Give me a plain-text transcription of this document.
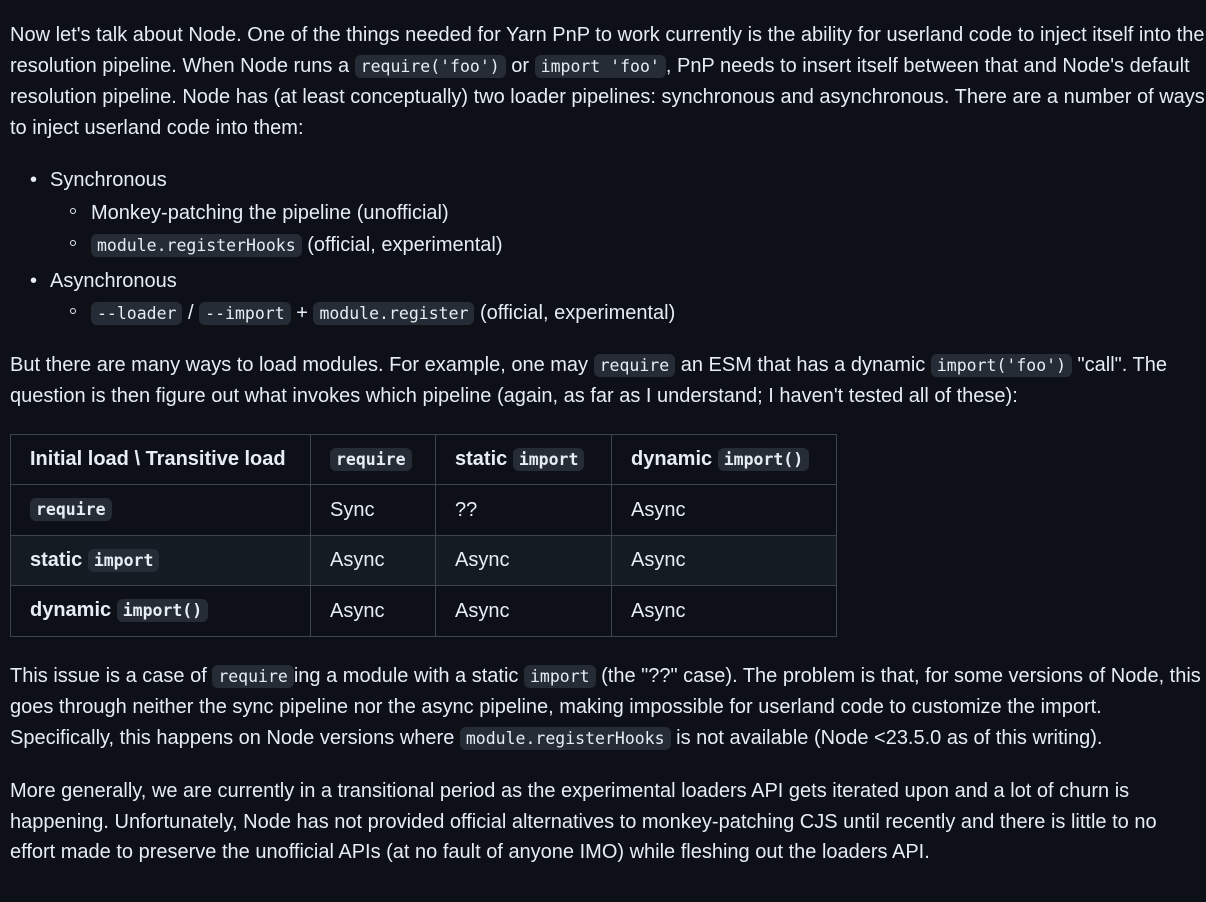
Now let's talk about Node. One of the things needed for Yarn PnP to work currently is the ability for userland code to inject itself into the resolution pipeline. When Node runs a require('foo') or import 'foo' , PnP needs to insert itself between that and Node's default resolution pipeline. Node has (at least conceptually) two loader pipelines: synchronous and asynchronous. There are a number of ways to inject userland code into them:

• Synchronous
Monkey-patching the pipeline (unofficial)
module.registerHooks (official, experimental)
• Asynchronous
--loader / --import + module.register (official, experimental)

But there are many ways to load modules. For example, one may require an ESM that has a dynamic import('foo') "call". The question is then figure out what invokes which pipeline (again, as far as I understand; I haven't tested all of these):

Initial load \ Transitive load	require	static import	dynamic import()
require	Sync	??	Async
static import	Async	Async	Async
dynamic import()	Async	Async	Async

This issue is a case of require ing a module with a static import (the "??" case). The problem is that, for some versions of Node, this goes through neither the sync pipeline nor the async pipeline, making impossible for userland code to customize the import. Specifically, this happens on Node versions where module.registerHooks is not available (Node <23.5.0 as of this writing).

More generally, we are currently in a transitional period as the experimental loaders API gets iterated upon and a lot of churn is happening. Unfortunately, Node has not provided official alternatives to monkey-patching CJS until recently and there is little to no effort made to preserve the unofficial APIs (at no fault of anyone IMO) while fleshing out the loaders API.
